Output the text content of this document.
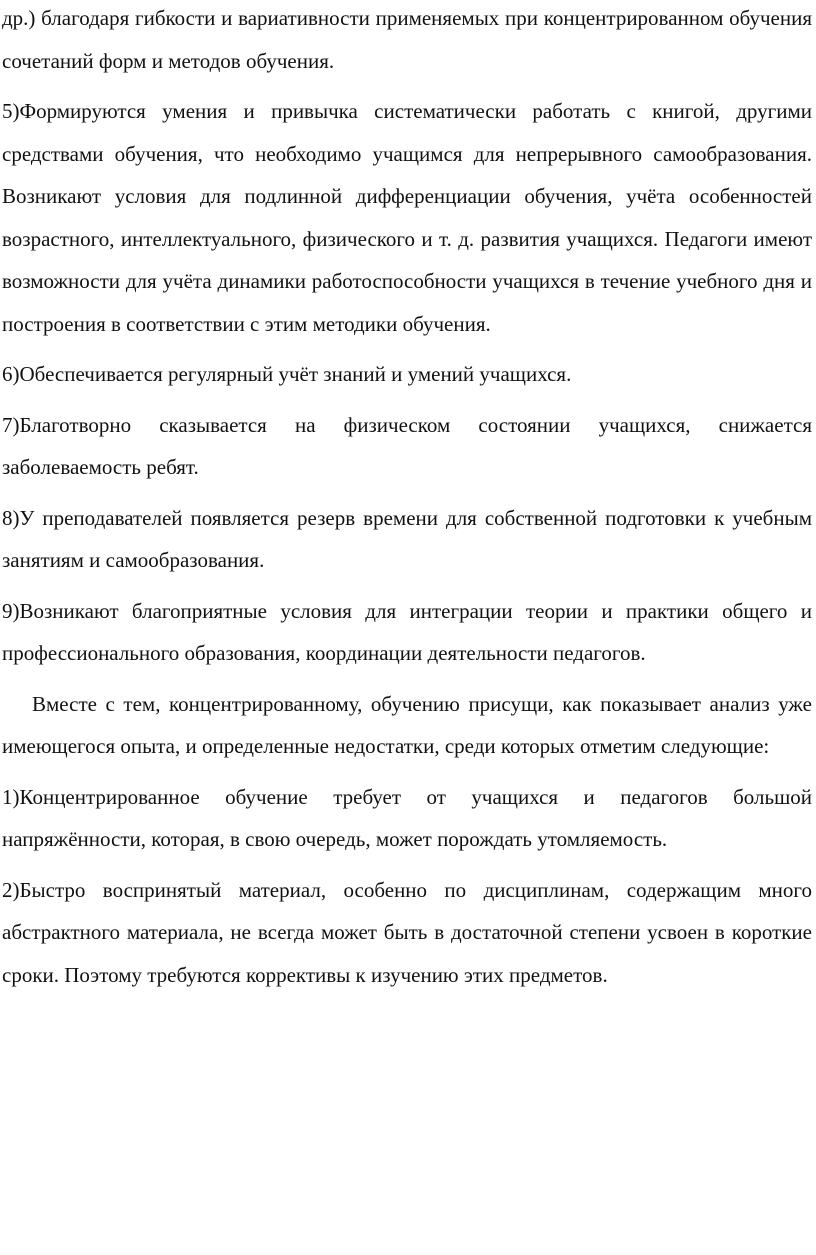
др.) благодаря гибкости и вариативности применяемых при концентрированном обучения сочетаний форм и методов обучения.

5)Формируются умения и привычка систематически работать с книгой, другими средствами обучения, что необходимо учащимся для непрерывного самообразования. Возникают условия для подлинной дифференциации обучения, учёта особенностей возрастного, интеллектуального, физического и т. д. развития учащихся. Педагоги имеют возможности для учёта динамики работоспособности учащихся в течение учебного дня и построения в соответствии с этим методики обучения.

6)Обеспечивается регулярный учёт знаний и умений учащихся.

7)Благотворно сказывается на физическом состоянии учащихся, снижается заболеваемость ребят.

8)У преподавателей появляется резерв времени для собственной подготовки к учебным занятиям и самообразования.

9)Возникают благоприятные условия для интеграции теории и практики общего и профессионального образования, координации деятельности педагогов.

Вместе с тем, концентрированному, обучению присущи, как показывает анализ уже имеющегося опыта, и определенные недостатки, среди которых отметим следующие:

1)Концентрированное обучение требует от учащихся и педагогов большой напряжённости, которая, в свою очередь, может порождать утомляемость.

2)Быстро воспринятый материал, особенно по дисциплинам, содержащим много абстрактного материала, не всегда может быть в достаточной степени усвоен в короткие сроки. Поэтому требуются коррективы к изучению этих предметов.
